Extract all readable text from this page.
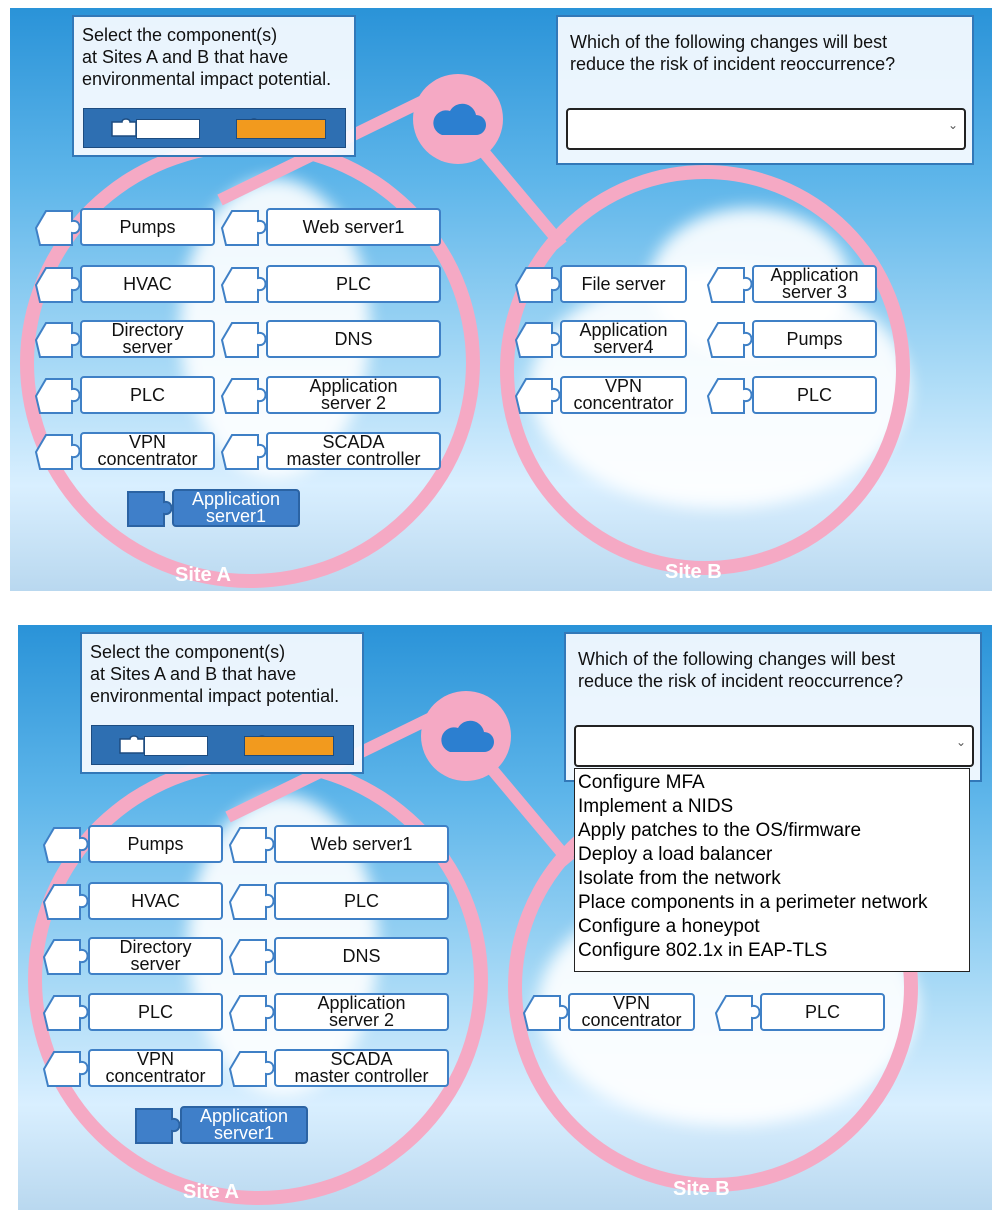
Select the component(s)
at Sites A and B that have
environmental impact potential.
Which of the following changes will best
reduce the risk of incident reoccurrence?
⌄
Pumps	Web server1
HVAC	PLC
Directory
server	DNS
PLC	Application
server 2
VPN
concentrator
SCADA
master controller
Application
server1
File server	Application
server 3
Application
server4	Pumps
VPN
concentrator	PLC
Site A	Site B
Select the component(s)
at Sites A and B that have
environmental impact potential.
Which of the following changes will best
reduce the risk of incident reoccurrence?
⌄
Pumps	Web server1
HVAC	PLC
Directory
server	DNS
PLC	Application
server 2
VPN
concentrator
SCADA
master controller
Application
server1
VPN
concentrator	PLC
Configure MFA
Implement a NIDS
Apply patches to the OS/firmware
Deploy a load balancer
Isolate from the network
Place components in a perimeter network
Configure a honeypot
Configure 802.1x in EAP-TLS
Site A	Site B
